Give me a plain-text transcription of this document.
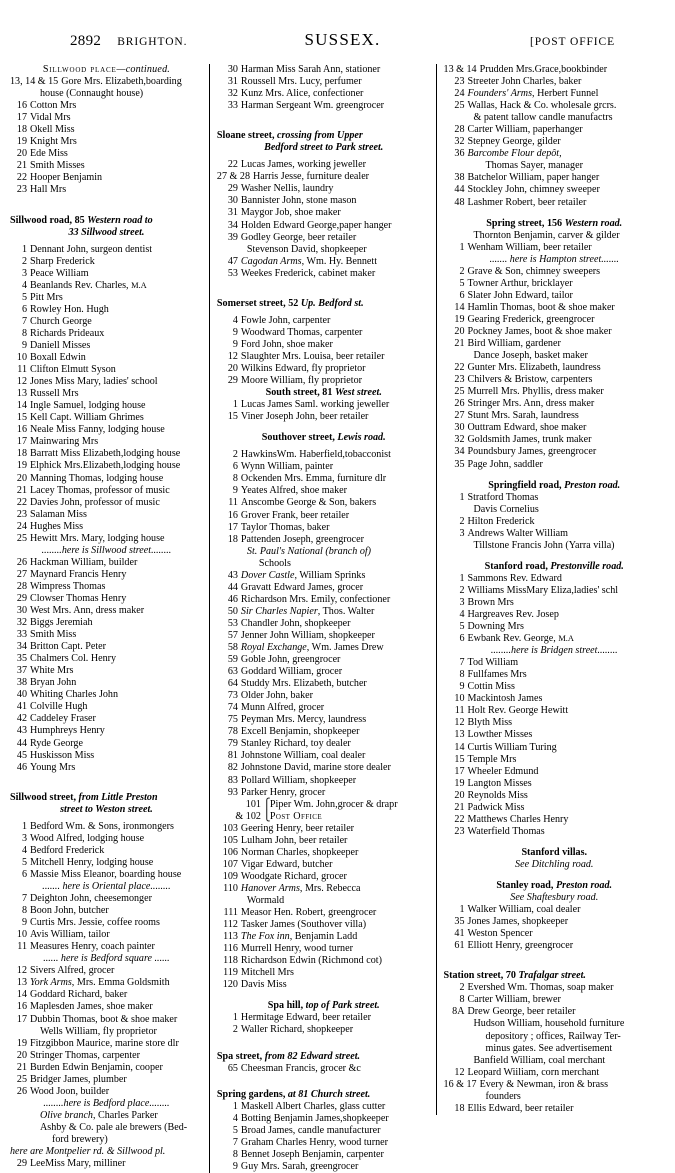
2892 BRIGHTON.	SUSSEX.	[POST OFFICE
Sillwood place—continued.
13, 14 & 15 Gore Mrs. Elizabeth,boarding
house (Connaught house)
16 Cotton Mrs
17 Vidal Mrs
18 Okell Miss
19 Knight Mrs
20 Ede Miss
21 Smith Misses
22 Hooper Benjamin
23 Hall Mrs
Sillwood road, 85 Western road to
33 Sillwood street.
1 Dennant John, surgeon dentist
2 Sharp Frederick
3 Peace William
4 Beanlands Rev. Charles, M.A
5 Pitt Mrs
6 Rowley Hon. Hugh
7 Church George
8 Richards Prideaux
9 Daniell Misses
10 Boxall Edwin
11 Clifton Elmutt Syson
12 Jones Miss Mary, ladies' school
13 Russell Mrs
14 Ingle Samuel, lodging house
15 Kell Capt. William Ghrimes
16 Neale Miss Fanny, lodging house
17 Mainwaring Mrs
18 Barratt Miss Elizabeth,lodging house
19 Elphick Mrs.Elizabeth,lodging house
20 Manning Thomas, lodging house
21 Lacey Thomas, professor of music
22 Davies John, professor of music
23 Salaman Miss
24 Hughes Miss
25 Hewitt Mrs. Mary, lodging house
........here is Sillwood street........
26 Hackman William, builder
27 Maynard Francis Henry
28 Wimpress Thomas
29 Clowser Thomas Henry
30 West Mrs. Ann, dress maker
32 Biggs Jeremiah
33 Smith Miss
34 Britton Capt. Peter
35 Chalmers Col. Henry
37 White Mrs
38 Bryan John
40 Whiting Charles John
41 Colville Hugh
42 Caddeley Fraser
43 Humphreys Henry
44 Ryde George
45 Huskisson Miss
46 Young Mrs
Sillwood street, from Little Preston
street to Weston street.
1 Bedford Wm. & Sons, ironmongers
3 Wood Alfred, lodging house
4 Bedford Frederick
5 Mitchell Henry, lodging house
6 Massie Miss Eleanor, boarding house
....... here is Oriental place........
7 Deighton John, cheesemonger
8 Boon John, butcher
9 Curtis Mrs. Jessie, coffee rooms
10 Avis William, tailor
11 Measures Henry, coach painter
...... here is Bedford square ......
12 Sivers Alfred, grocer
13 York Arms, Mrs. Emma Goldsmith
14 Goddard Richard, baker
16 Maplesden James, shoe maker
17 Dubbin Thomas, boot & shoe maker
Wells William, fly proprietor
19 Fitzgibbon Maurice, marine store dlr
20 Stringer Thomas, carpenter
21 Burden Edwin Benjamin, cooper
25 Bridger James, plumber
26 Wood Joon, builder
........here is Bedford place........
Olive branch, Charles Parker
Ashby & Co. pale ale brewers (Bed-
ford brewery)
here are Montpelier rd. & Sillwood pl.
29 LeeMiss Mary, milliner
30 Harman Miss Sarah Ann, stationer
31 Roussell Mrs. Lucy, perfumer
32 Kunz Mrs. Alice, confectioner
33 Harman Sergeant Wm. greengrocer
Sloane street, crossing from Upper
Bedford street to Park street.
22 Lucas James, working jeweller
27 & 28 Harris Jesse, furniture dealer
29 Washer Nellis, laundry
30 Bannister John, stone mason
31 Maygor Job, shoe maker
34 Holden Edward George,paper hanger
39 Godley George, beer retailer
Stevenson David, shopkeeper
47 Cagodan Arms, Wm. Hy. Bennett
53 Weekes Frederick, cabinet maker
Somerset street, 52 Up. Bedford st.
4 Fowle John, carpenter
9 Woodward Thomas, carpenter
9 Ford John, shoe maker
12 Slaughter Mrs. Louisa, beer retailer
20 Wilkins Edward, fly proprietor
29 Moore William, fly proprietor
South street, 81 West street.
1 Lucas James Saml. working jeweller
15 Viner Joseph John, beer retailer
Southover street, Lewis road.
2 HawkinsWm. Haberfield,tobacconist
6 Wynn William, painter
8 Ockenden Mrs. Emma, furniture dlr
9 Yeates Alfred, shoe maker
11 Anscombe George & Son, bakers
16 Grover Frank, beer retailer
17 Taylor Thomas, baker
18 Pattenden Joseph, greengrocer
St. Paul's National (branch of)
Schools
43 Dover Castle, William Sprinks
44 Gravatt Edward James, grocer
46 Richardson Mrs. Emily, confectioner
50 Sir Charles Napier, Thos. Walter
53 Chandler John, shopkeeper
57 Jenner John William, shopkeeper
58 Royal Exchange, Wm. James Drew
59 Goble John, greengrocer
63 Goddard William, grocer
64 Studdy Mrs. Elizabeth, butcher
73 Older John, baker
74 Munn Alfred, grocer
75 Peyman Mrs. Mercy, laundress
78 Excell Benjamin, shopkeeper
79 Stanley Richard, toy dealer
81 Johnstone William, coal dealer
82 Johnstone David, marine store dealer
83 Pollard William, shopkeeper
93 Parker Henry, grocer
101 ⎧ Piper Wm. John,grocer & drapr
& 102 ⎩ Post Office
103 Geering Henry, beer retailer
105 Lulham John, beer retailer
106 Norman Charles, shopkeeper
107 Vigar Edward, butcher
109 Woodgate Richard, grocer
110 Hanover Arms, Mrs. Rebecca
Wormald
111 Measor Hen. Robert, greengrocer
112 Tasker James (Southover villa)
113 The Fox inn, Benjamin Ladd
116 Murrell Henry, wood turner
118 Richardson Edwin (Richmond cot)
119 Mitchell Mrs
120 Davis Miss
Spa hill, top of Park street.
1 Hermitage Edward, beer retailer
2 Waller Richard, shopkeeper
Spa street, from 82 Edward street.
65 Cheesman Francis, grocer &c
Spring gardens, at 81 Church street.
1 Maskell Albert Charles, glass cutter
4 Botting Benjamin James,shopkeeper
5 Broad James, candle manufacturer
7 Graham Charles Henry, wood turner
8 Bennet Joseph Benjamin, carpenter
9 Guy Mrs. Sarah, greengrocer
13 & 14 Prudden Mrs.Grace,bookbinder
23 Streeter John Charles, baker
24 Founders' Arms, Herbert Funnel
25 Wallas, Hack & Co. wholesale grcrs.
& patent tallow candle manufactrs
28 Carter William, paperhanger
32 Stepney George, gilder
36 Barcombe Flour depôt,
Thomas Sayer, manager
38 Batchelor William, paper hanger
44 Stockley John, chimney sweeper
48 Lashmer Robert, beer retailer
Spring street, 156 Western road.
Thornton Benjamin, carver & gilder
1 Wenham William, beer retailer
....... here is Hampton street.......
2 Grave & Son, chimney sweepers
5 Towner Arthur, bricklayer
6 Slater John Edward, tailor
14 Hamlin Thomas, boot & shoe maker
19 Gearing Frederick, greengrocer
20 Pockney James, boot & shoe maker
21 Bird William, gardener
Dance Joseph, basket maker
22 Gunter Mrs. Elizabeth, laundress
23 Chilvers & Bristow, carpenters
25 Murrell Mrs. Phyllis, dress maker
26 Stringer Mrs. Ann, dress maker
27 Stunt Mrs. Sarah, laundress
30 Outtram Edward, shoe maker
32 Goldsmith James, trunk maker
34 Poundsbury James, greengrocer
35 Page John, saddler
Springfield road, Preston road.
1 Stratford Thomas
Davis Cornelius
2 Hilton Frederick
3 Andrews Walter William
Tillstone Francis John (Yarra villa)
Stanford road, Prestonville road.
1 Sammons Rev. Edward
2 Williams MissMary Eliza,ladies' schl
3 Brown Mrs
4 Hargreaves Rev. Josep
5 Downing Mrs
6 Ewbank Rev. George, M.A
........here is Bridgen street........
7 Tod William
8 Fullfames Mrs
9 Cottin Miss
10 Mackintosh James
11 Holt Rev. George Hewitt
12 Blyth Miss
13 Lowther Misses
14 Curtis William Turing
15 Temple Mrs
17 Wheeler Edmund
19 Langton Misses
20 Reynolds Miss
21 Padwick Miss
22 Matthews Charles Henry
23 Waterfield Thomas
Stanford villas.
See Ditchling road.
Stanley road, Preston road.
See Shaftesbury road.
1 Walker William, coal dealer
35 Jones James, shopkeeper
41 Weston Spencer
61 Elliott Henry, greengrocer
Station street, 70 Trafalgar street.
2 Evershed Wm. Thomas, soap maker
8 Carter William, brewer
8A Drew George, beer retailer
Hudson William, household furniture
depository ; offices, Railway Ter-
minus gates. See advertisement
Banfield William, coal merchant
12 Leopard Wiiliam, corn merchant
16 & 17 Every & Newman, iron & brass
founders
18 Ellis Edward, beer retailer
